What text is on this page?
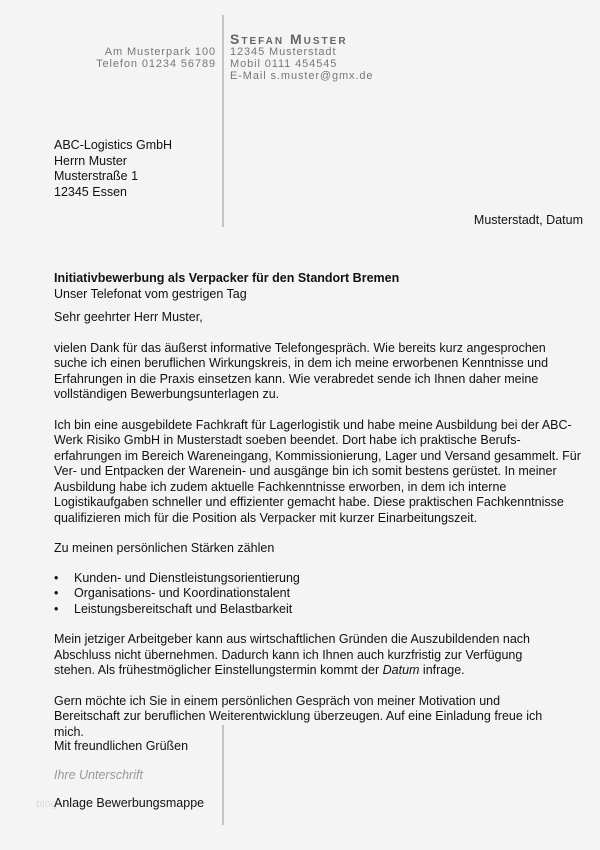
Am Musterpark 100
Telefon 01234 56789
Stefan Muster
12345 Musterstadt
Mobil 0111 454545
E-Mail s.muster@gmx.de
ABC-Logistics GmbH
Herrn Muster
Musterstraße 1
12345 Essen
Musterstadt, Datum

Initiativbewerbung als Verpacker für den Standort Bremen

Unser Telefonat vom gestrigen Tag

Sehr geehrter Herr Muster,

vielen Dank für das äußerst informative Telefongespräch. Wie bereits kurz angesprochen suche ich einen beruflichen Wirkungskreis, in dem ich meine erworbenen Kenntnisse und Erfahrungen in die Praxis einsetzen kann. Wie verabredet sende ich Ihnen daher meine vollständigen Bewerbungsunterlagen zu.

Ich bin eine ausgebildete Fachkraft für Lagerlogistik und habe meine Ausbildung bei der ABC-Werk Risiko GmbH in Musterstadt soeben beendet. Dort habe ich praktische Berufs-erfahrungen im Bereich Wareneingang, Kommissionierung, Lager und Versand gesammelt. Für Ver- und Entpacken der Warenein- und ausgänge bin ich somit bestens gerüstet. In meiner Ausbildung habe ich zudem aktuelle Fachkenntnisse erworben, in dem ich interne Logistikaufgaben schneller und effizienter gemacht habe. Diese praktischen Fachkenntnisse qualifizieren mich für die Position als Verpacker mit kurzer Einarbeitungszeit.

Zu meinen persönlichen Stärken zählen

• Kunden- und Dienstleistungsorientierung
• Organisations- und Koordinationstalent
• Leistungsbereitschaft und Belastbarkeit

Mein jetziger Arbeitgeber kann aus wirtschaftlichen Gründen die Auszubildenden nach Abschluss nicht übernehmen. Dadurch kann ich Ihnen auch kurzfristig zur Verfügung stehen. Als frühestmöglicher Einstellungstermin kommt der Datum infrage.

Gern möchte ich Sie in einem persönlichen Gespräch von meiner Motivation und Bereitschaft zur beruflichen Weiterentwicklung überzeugen. Auf eine Einladung freue ich mich.

Mit freundlichen Grüßen
Ihre Unterschrift
blog
Anlage Bewerbungsmappe
